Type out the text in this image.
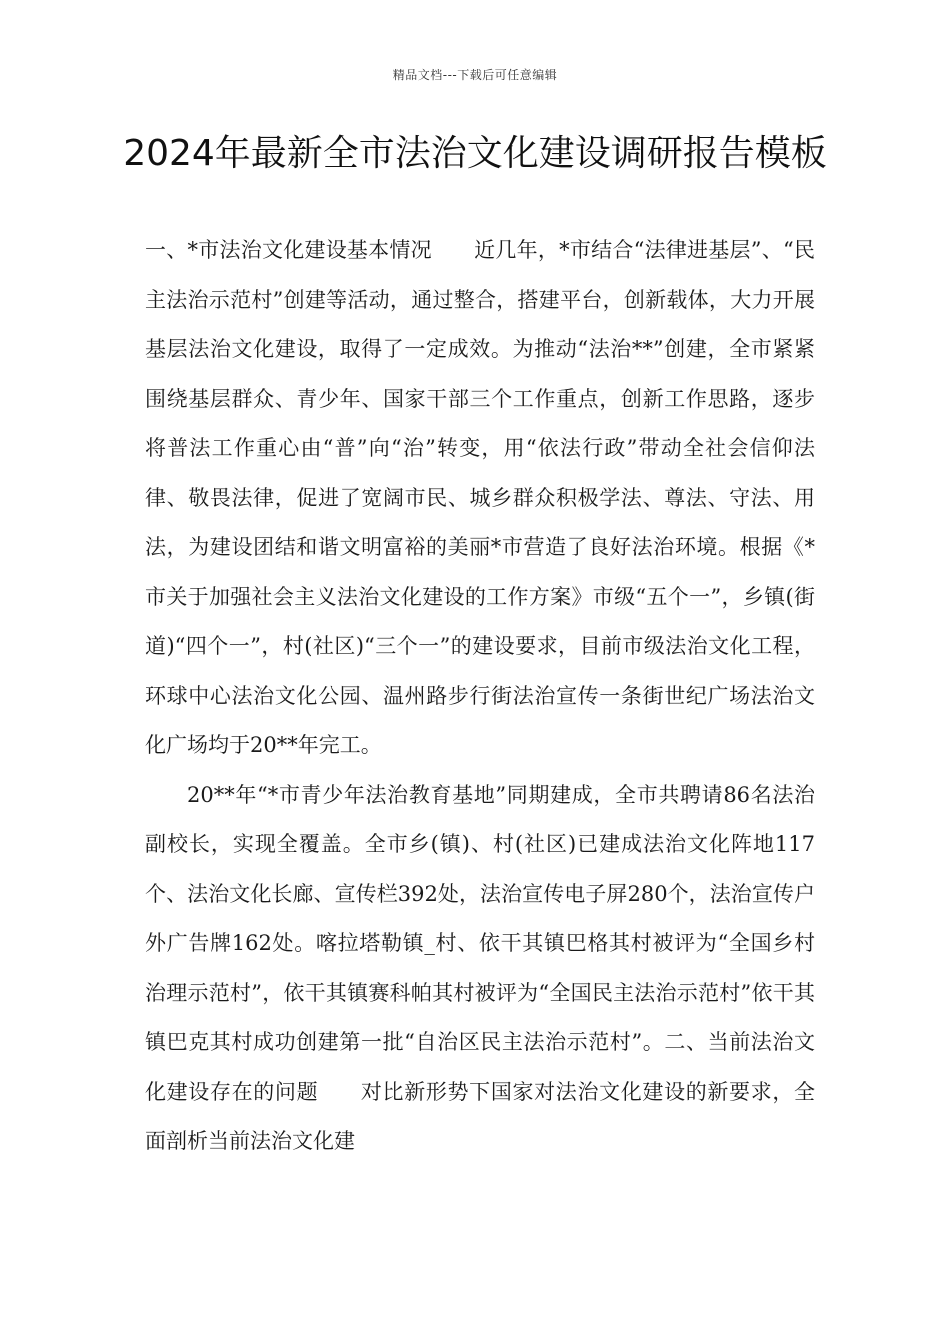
精品文档---下载后可任意编辑
2024年最新全市法治文化建设调研报告模板

一、*市法治文化建设基本情况 近几年，*市结合“法律进基层”、“民主法治示范村”创建等活动，通过整合，搭建平台，创新载体，大力开展基层法治文化建设，取得了一定成效。为推动“法治**”创建，全市紧紧围绕基层群众、青少年、国家干部三个工作重点，创新工作思路，逐步将普法工作重心由“普”向“治”转变，用“依法行政”带动全社会信仰法律、敬畏法律，促进了宽阔市民、城乡群众积极学法、尊法、守法、用法，为建设团结和谐文明富裕的美丽*市营造了良好法治环境。根据《*市关于加强社会主义法治文化建设的工作方案》市级“五个一”，乡镇(街道)“四个一”，村(社区)“三个一”的建设要求，目前市级法治文化工程，环球中心法治文化公园、温州路步行街法治宣传一条街世纪广场法治文化广场均于20**年完工。

20**年“*市青少年法治教育基地”同期建成，全市共聘请86名法治副校长，实现全覆盖。全市乡(镇)、村(社区)已建成法治文化阵地117个、法治文化长廊、宣传栏392处，法治宣传电子屏280个，法治宣传户外广告牌162处。喀拉塔勒镇_村、依干其镇巴格其村被评为“全国乡村治理示范村”，依干其镇赛科帕其村被评为“全国民主法治示范村”依干其镇巴克其村成功创建第一批“自治区民主法治示范村”。二、当前法治文化建设存在的问题 对比新形势下国家对法治文化建设的新要求，全面剖析当前法治文化建
